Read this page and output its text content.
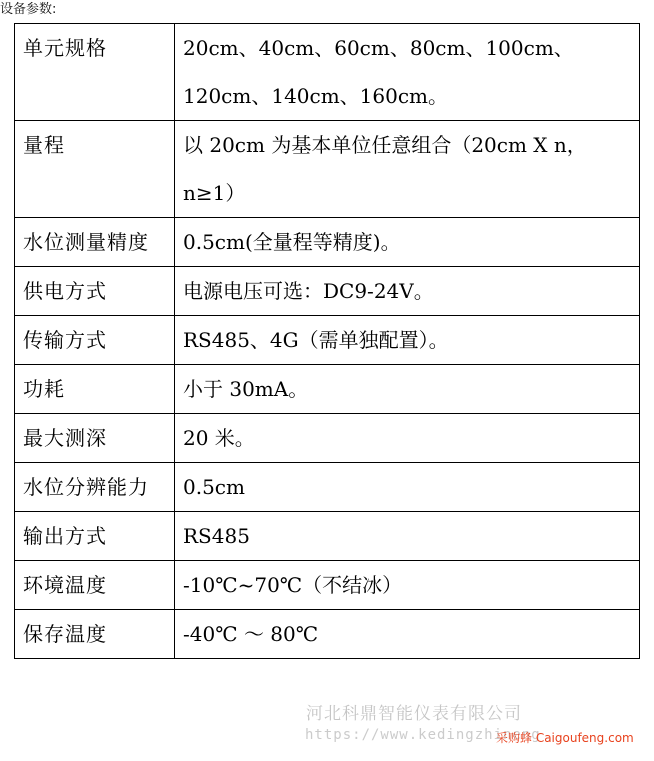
设备参数:
单元规格	20cm、40cm、60cm、80cm、100cm、120cm、140cm、160cm。
量程	以 20cm 为基本单位任意组合（20cm X n，n≥1）
水位测量精度	0.5cm(全量程等精度)。
供电方式	电源电压可选：DC9-24V。
传输方式	RS485、4G（需单独配置）。
功耗	小于 30mA。
最大测深	20 米。
水位分辨能力	0.5cm
输出方式	RS485
环境温度	-10℃~70℃（不结冰）
保存温度	-40℃ ～ 80℃
河北科鼎智能仪表有限公司
https://www.kedingzhineng
采购蜂 Caigoufeng.com
